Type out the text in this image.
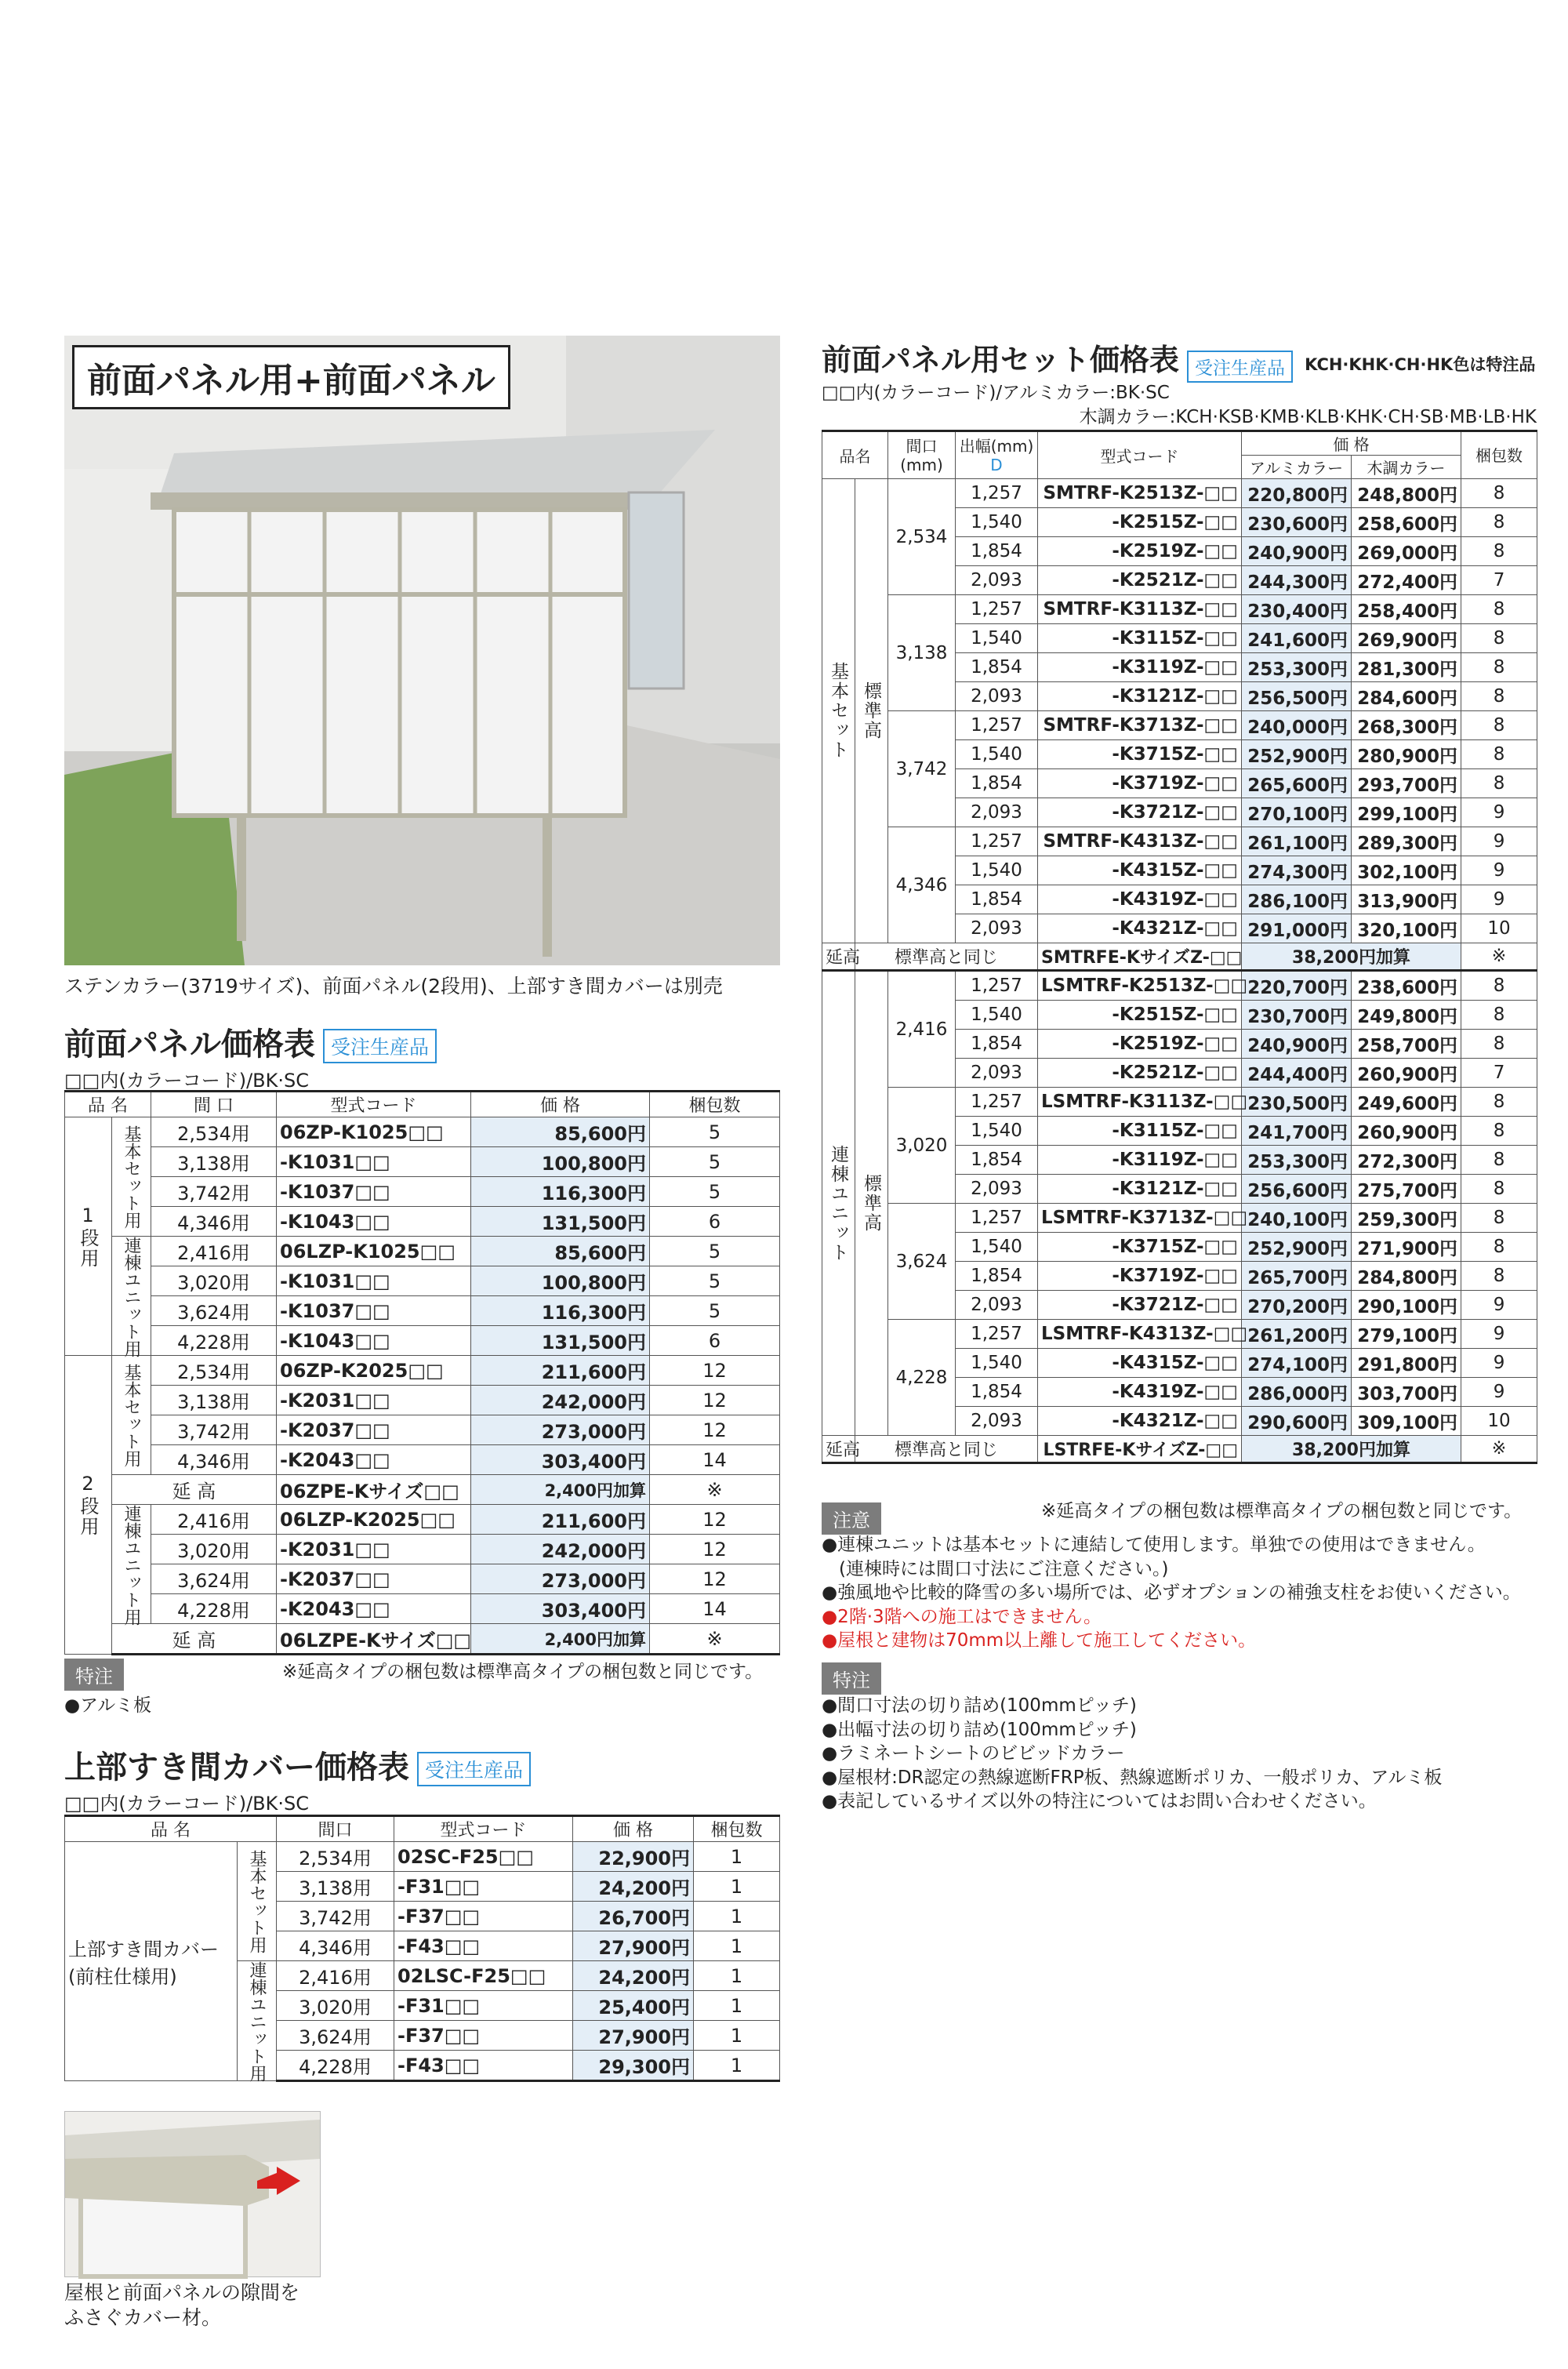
前面パネル用+前面パネル
ステンカラー(3719サイズ)、前面パネル(2段用)、上部すき間カバーは別売
前面パネル価格表 受注生産品
□□内(カラーコード)/BK·SC
品 名		間 口	型式コード	価 格	梱包数
1段用	基本セット用	2,534用	06ZP-K1025□□	85,600円	5
		3,138用	-K1031□□	100,800円	5
		3,742用	-K1037□□	116,300円	5
		4,346用	-K1043□□	131,500円	6
	連棟ユニット用	2,416用	06LZP-K1025□□	85,600円	5
		3,020用	-K1031□□	100,800円	5
		3,624用	-K1037□□	116,300円	5
		4,228用	-K1043□□	131,500円	6
2段用	基本セット用	2,534用	06ZP-K2025□□	211,600円	12
		3,138用	-K2031□□	242,000円	12
		3,742用	-K2037□□	273,000円	12
		4,346用	-K2043□□	303,400円	14
	延 高		06ZPE-Kサイズ□□	2,400円加算	※
	連棟ユニット用	2,416用	06LZP-K2025□□	211,600円	12
		3,020用	-K2031□□	242,000円	12
		3,624用	-K2037□□	273,000円	12
		4,228用	-K2043□□	303,400円	14
	延 高		06LZPE-Kサイズ□□	2,400円加算	※
特注	※延高タイプの梱包数は標準高タイプの梱包数と同じです。
●アルミ板
上部すき間カバー価格表 受注生産品
□□内(カラーコード)/BK·SC
品 名		間口	型式コード	価 格	梱包数

上部すき間カバー
(前柱仕様用)	基本セット用	2,534用	02SC-F25□□	22,900円	1
		3,138用	-F31□□	24,200円	1
		3,742用	-F37□□	26,700円	1
		4,346用	-F43□□	27,900円	1
	連棟ユニット用	2,416用	02LSC-F25□□	24,200円	1
		3,020用	-F31□□	25,400円	1
		3,624用	-F37□□	27,900円	1
		4,228用	-F43□□	29,300円	1
屋根と前面パネルの隙間を
ふさぐカバー材。
前面パネル用セット価格表 受注生産品 KCH·KHK·CH·HK色は特注品
□□内(カラーコード)/アルミカラー:BK·SC
木調カラー:KCH·KSB·KMB·KLB·KHK·CH·SB·MB·LB·HK
品名		間口(mm)	出幅(mm)
D	型式コード	価 格		梱包数
					アルミカラー	木調カラー	
基本セット	標準高	2,534	1,257	SMTRF-K2513Z-□□	220,800円	248,800円	8
			1,540	-K2515Z-□□	230,600円	258,600円	8
			1,854	-K2519Z-□□	240,900円	269,000円	8
			2,093	-K2521Z-□□	244,300円	272,400円	7
		3,138	1,257	SMTRF-K3113Z-□□	230,400円	258,400円	8
			1,540	-K3115Z-□□	241,600円	269,900円	8
			1,854	-K3119Z-□□	253,300円	281,300円	8
			2,093	-K3121Z-□□	256,500円	284,600円	8
		3,742	1,257	SMTRF-K3713Z-□□	240,000円	268,300円	8
			1,540	-K3715Z-□□	252,900円	280,900円	8
			1,854	-K3719Z-□□	265,600円	293,700円	8
			2,093	-K3721Z-□□	270,100円	299,100円	9
		4,346	1,257	SMTRF-K4313Z-□□	261,100円	289,300円	9
			1,540	-K4315Z-□□	274,300円	302,100円	9
			1,854	-K4319Z-□□	286,100円	313,900円	9
			2,093	-K4321Z-□□	291,000円	320,100円	10
延高	標準高と同じ			SMTRFE-KサイズZ-□□	38,200円加算		※
連棟ユニット	標準高	2,416	1,257	LSMTRF-K2513Z-□□	220,700円	238,600円	8
			1,540	-K2515Z-□□	230,700円	249,800円	8
			1,854	-K2519Z-□□	240,900円	258,700円	8
			2,093	-K2521Z-□□	244,400円	260,900円	7
		3,020	1,257	LSMTRF-K3113Z-□□	230,500円	249,600円	8
			1,540	-K3115Z-□□	241,700円	260,900円	8
			1,854	-K3119Z-□□	253,300円	272,300円	8
			2,093	-K3121Z-□□	256,600円	275,700円	8
		3,624	1,257	LSMTRF-K3713Z-□□	240,100円	259,300円	8
			1,540	-K3715Z-□□	252,900円	271,900円	8
			1,854	-K3719Z-□□	265,700円	284,800円	8
			2,093	-K3721Z-□□	270,200円	290,100円	9
		4,228	1,257	LSMTRF-K4313Z-□□	261,200円	279,100円	9
			1,540	-K4315Z-□□	274,100円	291,800円	9
			1,854	-K4319Z-□□	286,000円	303,700円	9
			2,093	-K4321Z-□□	290,600円	309,100円	10
延高	標準高と同じ			LSTRFE-KサイズZ-□□	38,200円加算		※
注意	※延高タイプの梱包数は標準高タイプの梱包数と同じです。
●連棟ユニットは基本セットに連結して使用します。単独での使用はできません。
(連棟時には間口寸法にご注意ください。)
●強風地や比較的降雪の多い場所では、必ずオプションの補強支柱をお使いください。
●2階·3階への施工はできません。
●屋根と建物は70mm以上離して施工してください。
特注
●間口寸法の切り詰め(100mmピッチ)
●出幅寸法の切り詰め(100mmピッチ)
●ラミネートシートのビビッドカラー
●屋根材:DR認定の熱線遮断FRP板、熱線遮断ポリカ、一般ポリカ、アルミ板
●表記しているサイズ以外の特注についてはお問い合わせください。
